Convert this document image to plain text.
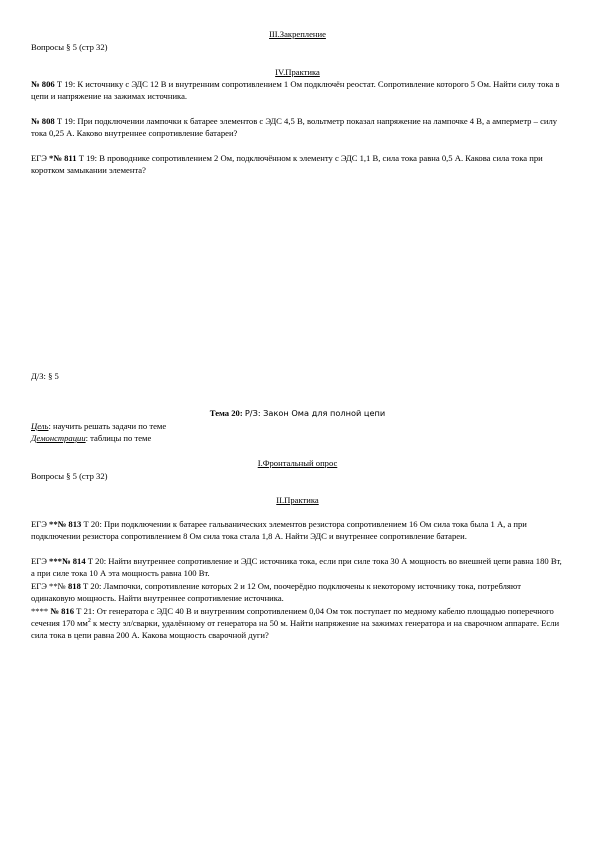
III.Закрепление

Вопросы § 5 (стр 32)

IV.Практика

№ 806 Т 19: К источнику с ЭДС 12 В и внутренним сопротивлением 1 Ом подключён реостат. Сопротивление которого 5 Ом. Найти силу тока в цепи и напряжение на зажимах источника.

№ 808 Т 19: При подключении лампочки к батарее элементов с ЭДС 4,5 В, вольтметр показал напряжение на лампочке 4 В, а амперметр – силу тока 0,25 А. Каково внутреннее сопротивление батареи?

ЕГЭ *№ 811 Т 19: В проводнике сопротивлением 2 Ом, подключённом к элементу с ЭДС 1,1 В, сила тока равна 0,5 А. Какова сила тока при коротком замыкании элемента?

Д/З: § 5

Тема 20: Р/З: Закон Ома для полной цепи

Цель: научить решать задачи по теме

Демонстрации: таблицы по теме

I.Фронтальный опрос

Вопросы § 5 (стр 32)

II.Практика

ЕГЭ **№ 813 Т 20: При подключении к батарее гальванических элементов резистора сопротивлением 16 Ом сила тока была 1 А, а при подключении резистора сопротивлением 8 Ом сила тока стала 1,8 А. Найти ЭДС и внутреннее сопротивление батареи.

ЕГЭ ***№ 814 Т 20: Найти внутреннее сопротивление и ЭДС источника тока, если при силе тока 30 А мощность во внешней цепи равна 180 Вт, а при силе тока 10 А эта мощность равна 100 Вт.

ЕГЭ **№ 818 Т 20: Лампочки, сопротивление которых 2 и 12 Ом, поочерёдно подключены к некоторому источнику тока, потребляют одинаковую мощность. Найти внутреннее сопротивление источника.

**** № 816 Т 21: От генератора с ЭДС 40 В и внутренним сопротивлением 0,04 Ом ток поступает по медному кабелю площадью поперечного сечения 170 $мм^2$ к месту эл/сварки, удалённому от генератора на 50 м. Найти напряжение на зажимах генератора и на сварочном аппарате. Если сила тока в цепи равна 200 А. Какова мощность сварочной дуги?
